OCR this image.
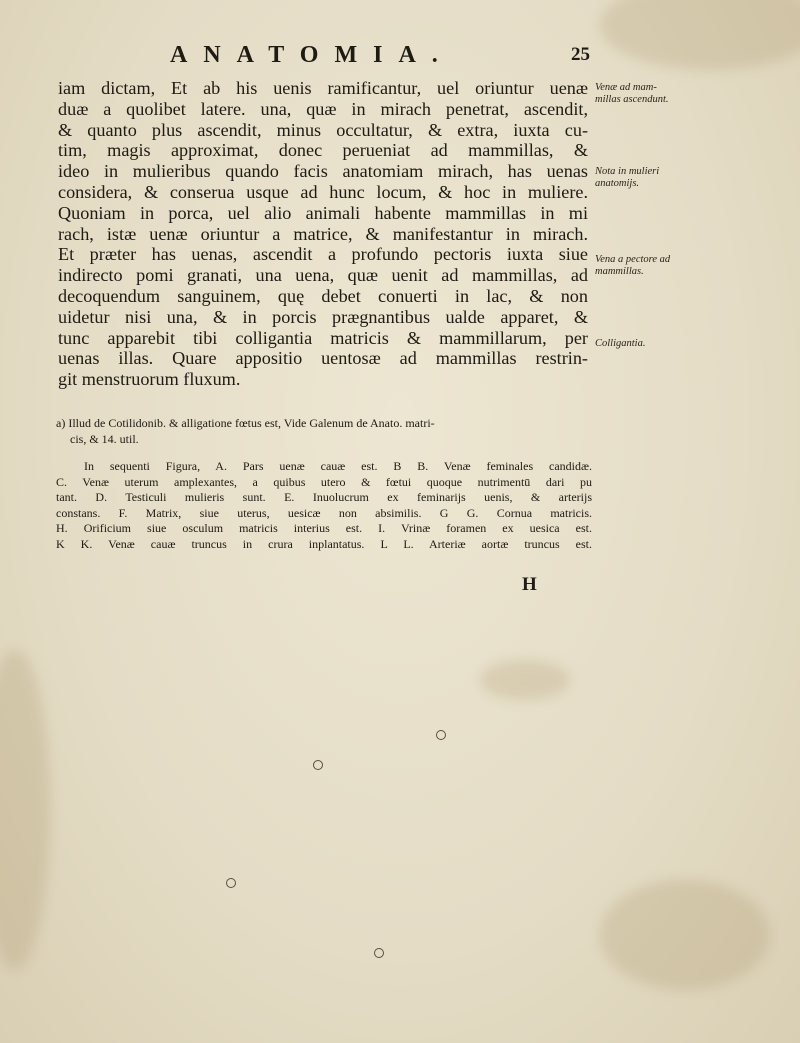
ANATOMIA.	25
iam dictam, Et ab his uenis ramificantur, uel oriuntur uenæ
duæ a quolibet latere. una, quæ in mirach penetrat, ascendit,
& quanto plus ascendit, minus occultatur, & extra, iuxta cu-
tim, magis approximat, donec perueniat ad mammillas, &
ideo in mulieribus quando facis anatomiam mirach, has uenas
considera, & conserua usque ad hunc locum, & hoc in muliere.
Quoniam in porca, uel alio animali habente mammillas in mi
rach, istæ uenæ oriuntur a matrice, & manifestantur in mirach.
Et præter has uenas, ascendit a profundo pectoris iuxta siue
indirecto pomi granati, una uena, quæ uenit ad mammillas, ad
decoquendum sanguinem, quę debet conuerti in lac, & non
uidetur nisi una, & in porcis prægnantibus ualde apparet, &
tunc apparebit tibi colligantia matricis & mammillarum, per
uenas illas. Quare appositio uentosæ ad mammillas restrin-
git menstruorum fluxum.
Venæ ad mam-
millas ascendunt.
Nota in mulieri
anatomijs.
Vena a pectore ad
mammillas.
Colligantia.
a) Illud de Cotilidonib. & alligatione fœtus est, Vide Galenum de Anato. matri-
cis, & 14. util.
In sequenti Figura, A. Pars uenæ cauæ est. B B. Venæ feminales candidæ.
C. Venæ uterum amplexantes, a quibus utero & fœtui quoque nutrimentū dari pu
tant. D. Testiculi mulieris sunt. E. Inuolucrum ex feminarijs uenis, & arterijs
constans. F. Matrix, siue uterus, uesicæ non absimilis. G G. Cornua matricis.
H. Orificium siue osculum matricis interius est. I. Vrinæ foramen ex uesica est.
K K. Venæ cauæ truncus in crura inplantatus. L L. Arteriæ aortæ truncus est.
H
